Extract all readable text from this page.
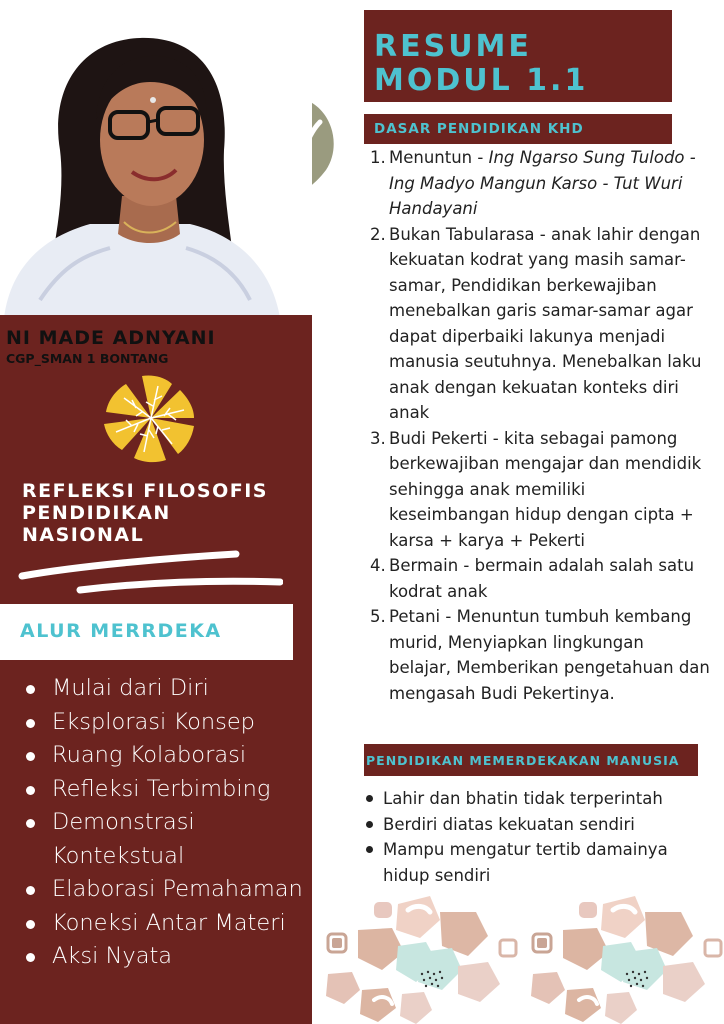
NI MADE ADNYANI
CGP_SMAN 1 BONTANG
REFLEKSI FILOSOFIS
PENDIDIKAN
NASIONAL
ALUR MERRDEKA
Mulai dari Diri
Eksplorasi Konsep
Ruang Kolaborasi
Refleksi Terbimbing
Demonstrasi Kontekstual
Elaborasi Pemahaman
Koneksi Antar Materi
Aksi Nyata
RESUME
MODUL 1.1
DASAR PENDIDIKAN KHD
1. Menuntun - Ing Ngarso Sung Tulodo - Ing Madyo Mangun Karso - Tut Wuri Handayani
2. Bukan Tabularasa - anak lahir dengan kekuatan kodrat yang masih samar-samar, Pendidikan berkewajiban menebalkan garis samar-samar agar dapat diperbaiki lakunya menjadi manusia seutuhnya. Menebalkan laku anak dengan kekuatan konteks diri anak
3. Budi Pekerti - kita sebagai pamong berkewajiban mengajar dan mendidik sehingga anak memiliki keseimbangan hidup dengan cipta + karsa + karya + Pekerti
4. Bermain - bermain adalah salah satu kodrat anak
5. Petani - Menuntun tumbuh kembang murid, Menyiapkan lingkungan belajar, Memberikan pengetahuan dan mengasah Budi Pekertinya.
PENDIDIKAN MEMERDEKAKAN MANUSIA
Lahir dan bhatin tidak terperintah
Berdiri diatas kekuatan sendiri
Mampu mengatur tertib damainya hidup sendiri
